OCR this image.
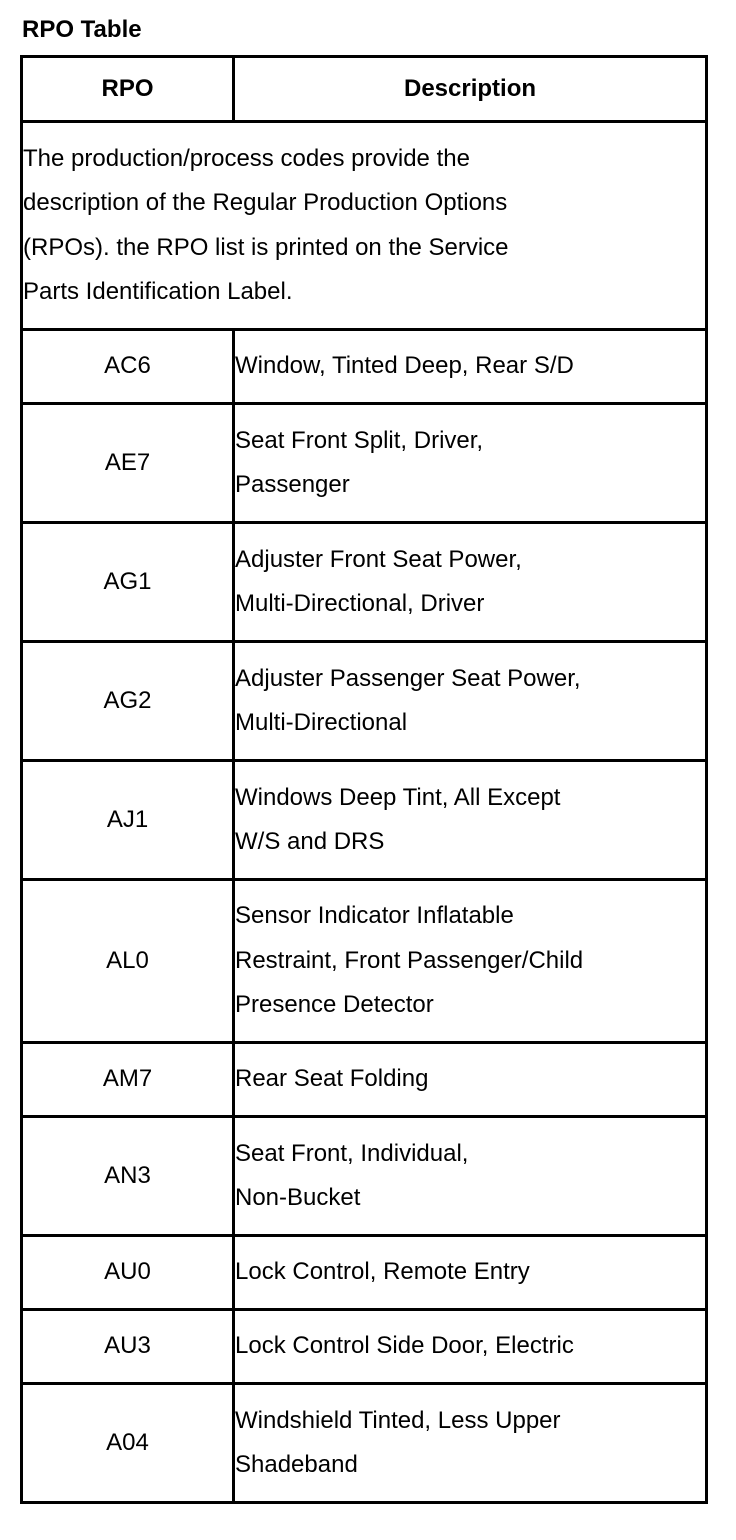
RPO Table
RPO	Description

The production/process codes provide the
description of the Regular Production Options
(RPOs). the RPO list is printed on the Service
Parts Identification Label.	

AC6	Window, Tinted Deep, Rear S/D

AE7	Seat Front Split, Driver,
Passenger

AG1	Adjuster Front Seat Power,
Multi-Directional, Driver

AG2	Adjuster Passenger Seat Power,
Multi-Directional

AJ1	Windows Deep Tint, All Except
W/S and DRS

AL0	Sensor Indicator Inflatable
Restraint, Front Passenger/Child
Presence Detector

AM7	Rear Seat Folding

AN3	Seat Front, Individual,
Non-Bucket

AU0	Lock Control, Remote Entry

AU3	Lock Control Side Door, Electric

A04	Windshield Tinted, Less Upper
Shadeband
